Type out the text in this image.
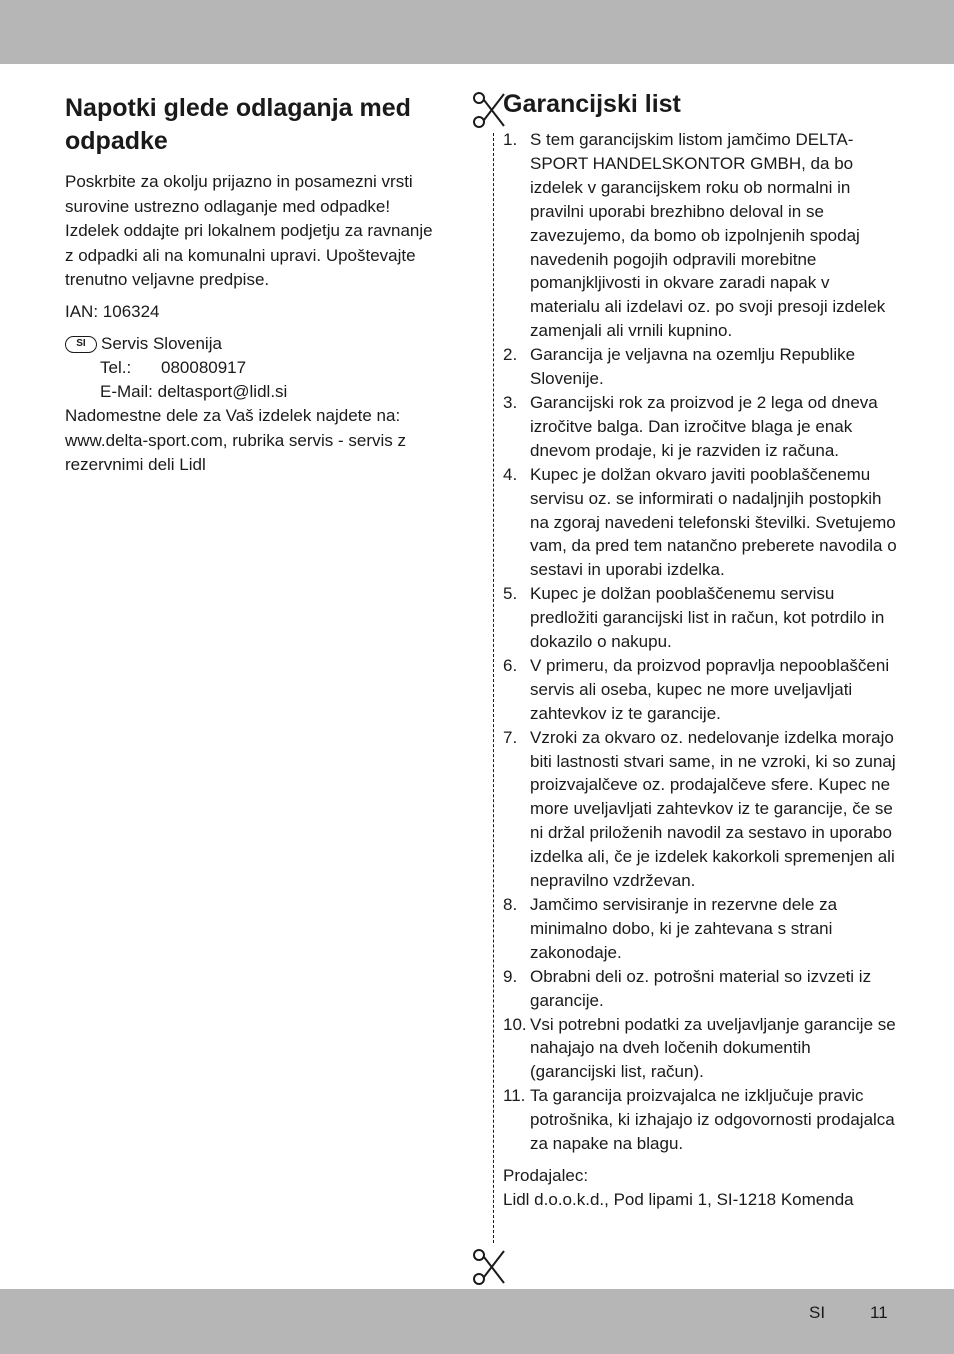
Napotki glede odlaganja med odpadke

Poskrbite za okolju prijazno in posamezni vrsti surovine ustrezno odlaganje med odpadke! Izdelek oddajte pri lokalnem podjetju za ravnanje z odpadki ali na komunalni upravi. Upoštevajte trenutno veljavne predpise.

IAN: 106324

SI Servis Slovenija
Tel.: 080080917
E-Mail: deltasport@lidl.si

Nadomestne dele za Vaš izdelek najdete na: www.delta-sport.com, rubrika servis - servis z rezervnimi deli Lidl

Garancijski list
1. S tem garancijskim listom jamčimo DELTA-SPORT HANDELSKONTOR GMBH, da bo izdelek v garancijskem roku ob normalni in pravilni uporabi brezhibno deloval in se zavezujemo, da bomo ob izpolnjenih spodaj navedenih pogojih odpravili morebitne pomanjkljivosti in okvare zaradi napak v materialu ali izdelavi oz. po svoji presoji izdelek zamenjali ali vrnili kupnino.
2. Garancija je veljavna na ozemlju Republike Slovenije.
3. Garancijski rok za proizvod je 2 lega od dneva izročitve balga. Dan izročitve blaga je enak dnevom prodaje, ki je razviden iz računa.
4. Kupec je dolžan okvaro javiti pooblaščenemu servisu oz. se informirati o nadaljnjih postopkih na zgoraj navedeni telefonski številki. Svetujemo vam, da pred tem natančno preberete navodila o sestavi in uporabi izdelka.
5. Kupec je dolžan pooblaščenemu servisu predložiti garancijski list in račun, kot potrdilo in dokazilo o nakupu.
6. V primeru, da proizvod popravlja nepooblaščeni servis ali oseba, kupec ne more uveljavljati zahtevkov iz te garancije.
7. Vzroki za okvaro oz. nedelovanje izdelka morajo biti lastnosti stvari same, in ne vzroki, ki so zunaj proizvajalčeve oz. prodajalčeve sfere. Kupec ne more uveljavljati zahtevkov iz te garancije, če se ni držal priloženih navodil za sestavo in uporabo izdelka ali, če je izdelek kakorkoli spremenjen ali nepravilno vzdrževan.
8. Jamčimo servisiranje in rezervne dele za minimalno dobo, ki je zahtevana s strani zakonodaje.
9. Obrabni deli oz. potrošni material so izvzeti iz garancije.
10. Vsi potrebni podatki za uveljavljanje garancije se nahajajo na dveh ločenih dokumentih (garancijski list, račun).
11. Ta garancija proizvajalca ne izključuje pravic potrošnika, ki izhajajo iz odgovornosti prodajalca za napake na blagu.
Prodajalec:
Lidl d.o.o.k.d., Pod lipami 1, SI-1218 Komenda
SI	11
